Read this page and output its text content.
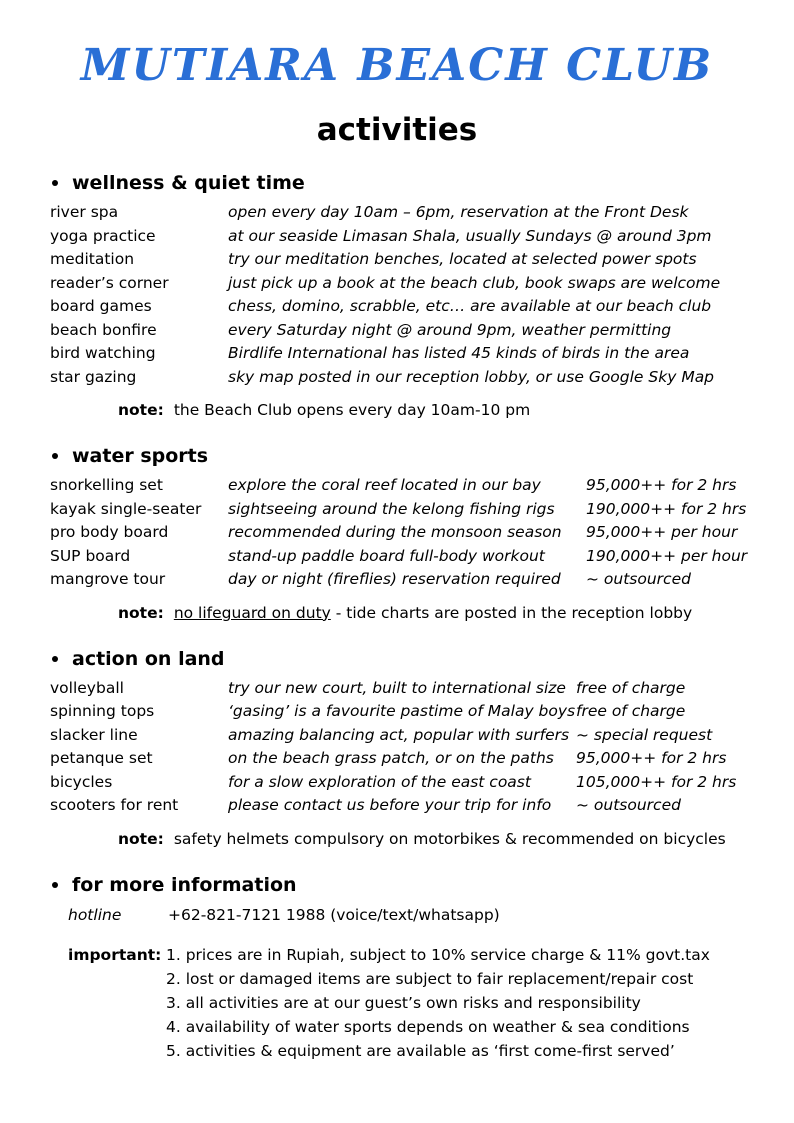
MUTIARA BEACH CLUB
activities
wellness & quiet time
river spa	open every day 10am – 6pm, reservation at the Front Desk
yoga practice	at our seaside Limasan Shala, usually Sundays @ around 3pm
meditation	try our meditation benches, located at selected power spots
reader’s corner	just pick up a book at the beach club, book swaps are welcome
board games	chess, domino, scrabble, etc… are available at our beach club
beach bonfire	every Saturday night @ around 9pm, weather permitting
bird watching	Birdlife International has listed 45 kinds of birds in the area
star gazing	sky map posted in our reception lobby, or use Google Sky Map
note: the Beach Club opens every day 10am-10 pm
water sports
snorkelling set	explore the coral reef located in our bay	95,000++ for 2 hrs
kayak single-seater	sightseeing around the kelong fishing rigs	190,000++ for 2 hrs
pro body board	recommended during the monsoon season	95,000++ per hour
SUP board	stand-up paddle board full-body workout	190,000++ per hour
mangrove tour	day or night (fireflies) reservation required	~ outsourced
note: no lifeguard on duty - tide charts are posted in the reception lobby
action on land
volleyball	try our new court, built to international size	free of charge
spinning tops	‘gasing’ is a favourite pastime of Malay boys	free of charge
slacker line	amazing balancing act, popular with surfers	~ special request
petanque set	on the beach grass patch, or on the paths	95,000++ for 2 hrs
bicycles	for a slow exploration of the east coast	105,000++ for 2 hrs
scooters for rent	please contact us before your trip for info	~ outsourced
note: safety helmets compulsory on motorbikes & recommended on bicycles
for more information
hotline	+62-821-7121 1988 (voice/text/whatsapp)
important: 1. prices are in Rupiah, subject to 10% service charge & 11% govt.tax
2. lost or damaged items are subject to fair replacement/repair cost
3. all activities are at our guest’s own risks and responsibility
4. availability of water sports depends on weather & sea conditions
5. activities & equipment are available as ‘first come-first served’
